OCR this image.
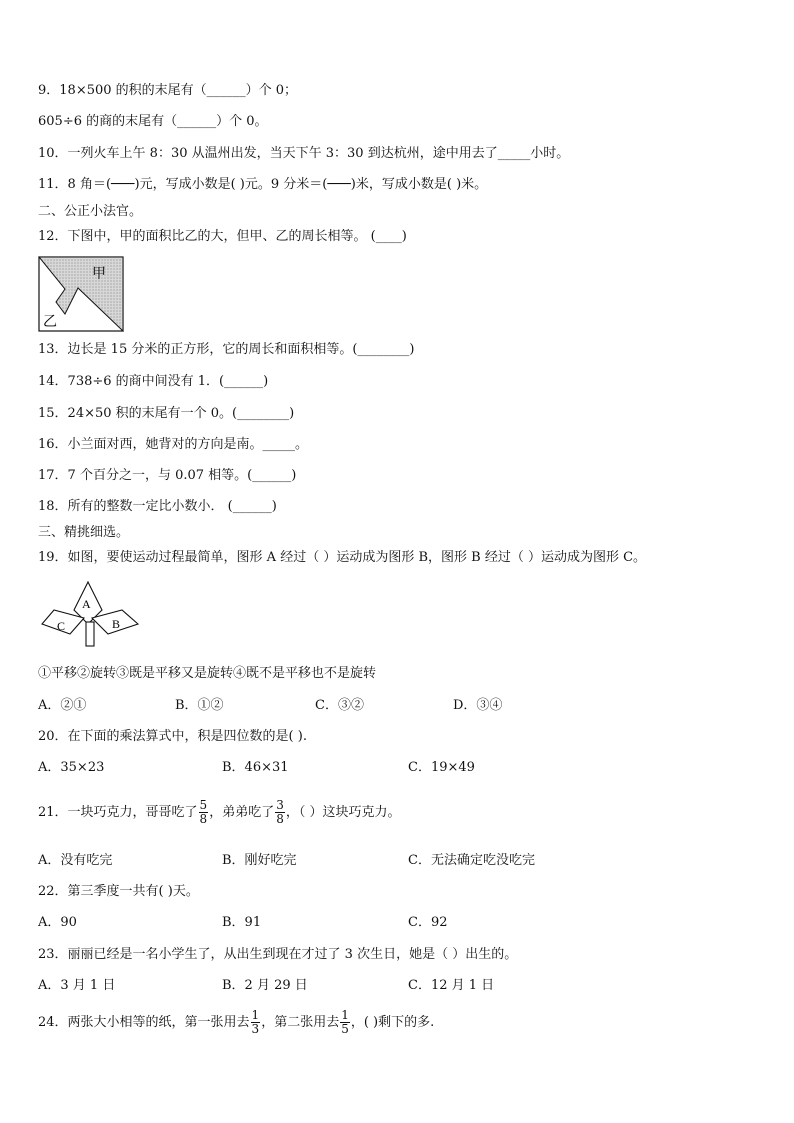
9．18×500 的积的末尾有（______）个 0；
605÷6 的商的末尾有（______）个 0。
10．一列火车上午 8：30 从温州出发，当天下午 3：30 到达杭州，途中用去了_____小时。
11．8 角＝(───)元，写成小数是( )元。9 分米＝(───)米，写成小数是( )米。
二、公正小法官。
12．下图中，甲的面积比乙的大，但甲、乙的周长相等。 (____)
甲
乙
13．边长是 15 分米的正方形，它的周长和面积相等。(________)
14．738÷6 的商中间没有 1．(______)
15．24×50 积的末尾有一个 0。(________)
16．小兰面对西，她背对的方向是南。_____。
17．7 个百分之一，与 0.07 相等。(______)
18．所有的整数一定比小数小． (______)
三、精挑细选。
19．如图，要使运动过程最简单，图形 A 经过（ ）运动成为图形 B，图形 B 经过（ ）运动成为图形 C。
A
B
C
①平移②旋转③既是平移又是旋转④既不是平移也不是旋转
A．②①	B．①②	C．③②	D．③④
20．在下面的乘法算式中，积是四位数的是( ).
A．35×23	B．46×31	C．19×49
21．一块巧克力，哥哥吃了 $\frac{5}{8}$ ，弟弟吃了 $\frac{3}{8}$ ，（ ）这块巧克力。
A．没有吃完	B．刚好吃完	C．无法确定吃没吃完
22．第三季度一共有( )天。
A．90	B．91	C．92
23．丽丽已经是一名小学生了，从出生到现在才过了 3 次生日，她是（ ）出生的。
A．3 月 1 日	B．2 月 29 日	C．12 月 1 日
24．两张大小相等的纸，第一张用去 $\frac{1}{3}$ ，第二张用去 $\frac{1}{5}$ ，( )剩下的多.
